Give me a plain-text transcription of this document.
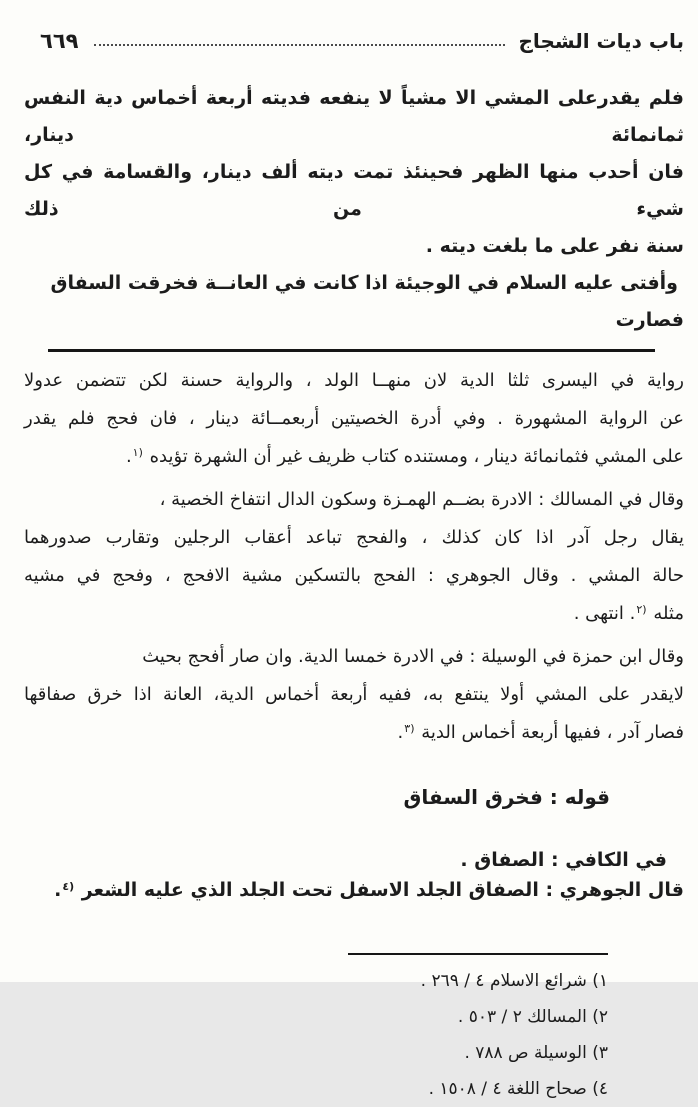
باب ديات الشجاج
٦٦٩
فلم يقدرعلى المشي الا مشياً لا ينفعه فديته أربعة أخماس دية النفس ثمانمائة دينار،
فان أحدب منها الظهر فحينئذ تمت ديته ألف دينار، والقسامة في كل شيء من ذلك
سنة نفر على ما بلغت ديته .
وأفتى عليه السلام في الوجيئة اذا كانت في العانــة فخرقت السفاق فصارت
رواية في اليسرى ثلثا الدية لان منهــا الولد ، والرواية حسنة لكن تتضمن عدولا
عن الرواية المشهورة . وفي أدرة الخصيتين أربعمــائة دينار ، فان فحج فلم يقدر
على المشي فثمانمائة دينار ، ومستنده كتاب ظريف غير أن الشهرة تؤيده $^{(١}$.
وقال في المسالك : الادرة بضــم الهمـزة وسكون الدال انتفاخ الخصية ،
يقال رجل آدر اذا كان كذلك ، والفحج تباعد أعقاب الرجلين وتقارب صدورهما
حالة المشي . وقال الجوهري : الفحج بالتسكين مشية الافحج ، وفحج في مشيه
مثله $^{(٢}$. انتهى .
وقال ابن حمزة في الوسيلة : في الادرة خمسا الدية. وان صار أفحج بحيث
لايقدر على المشي أولا ينتفع به، ففيه أربعة أخماس الدية، العانة اذا خرق صفاقها
فصار آدر ، ففيها أربعة أخماس الدية $^{(٣}$.
قوله : فخرق السفاق
في الكافي : الصفاق .
قال الجوهري : الصفاق الجلد الاسفل تحت الجلد الذي عليه الشعر $^{(٤}$.
١) شرائع الاسلام ٤ / ٢٦٩ .
٢) المسالك ٢ / ٥٠٣ .
٣) الوسيلة ص ٧٨٨ .
٤) صحاح اللغة ٤ / ١٥٠٨ .
